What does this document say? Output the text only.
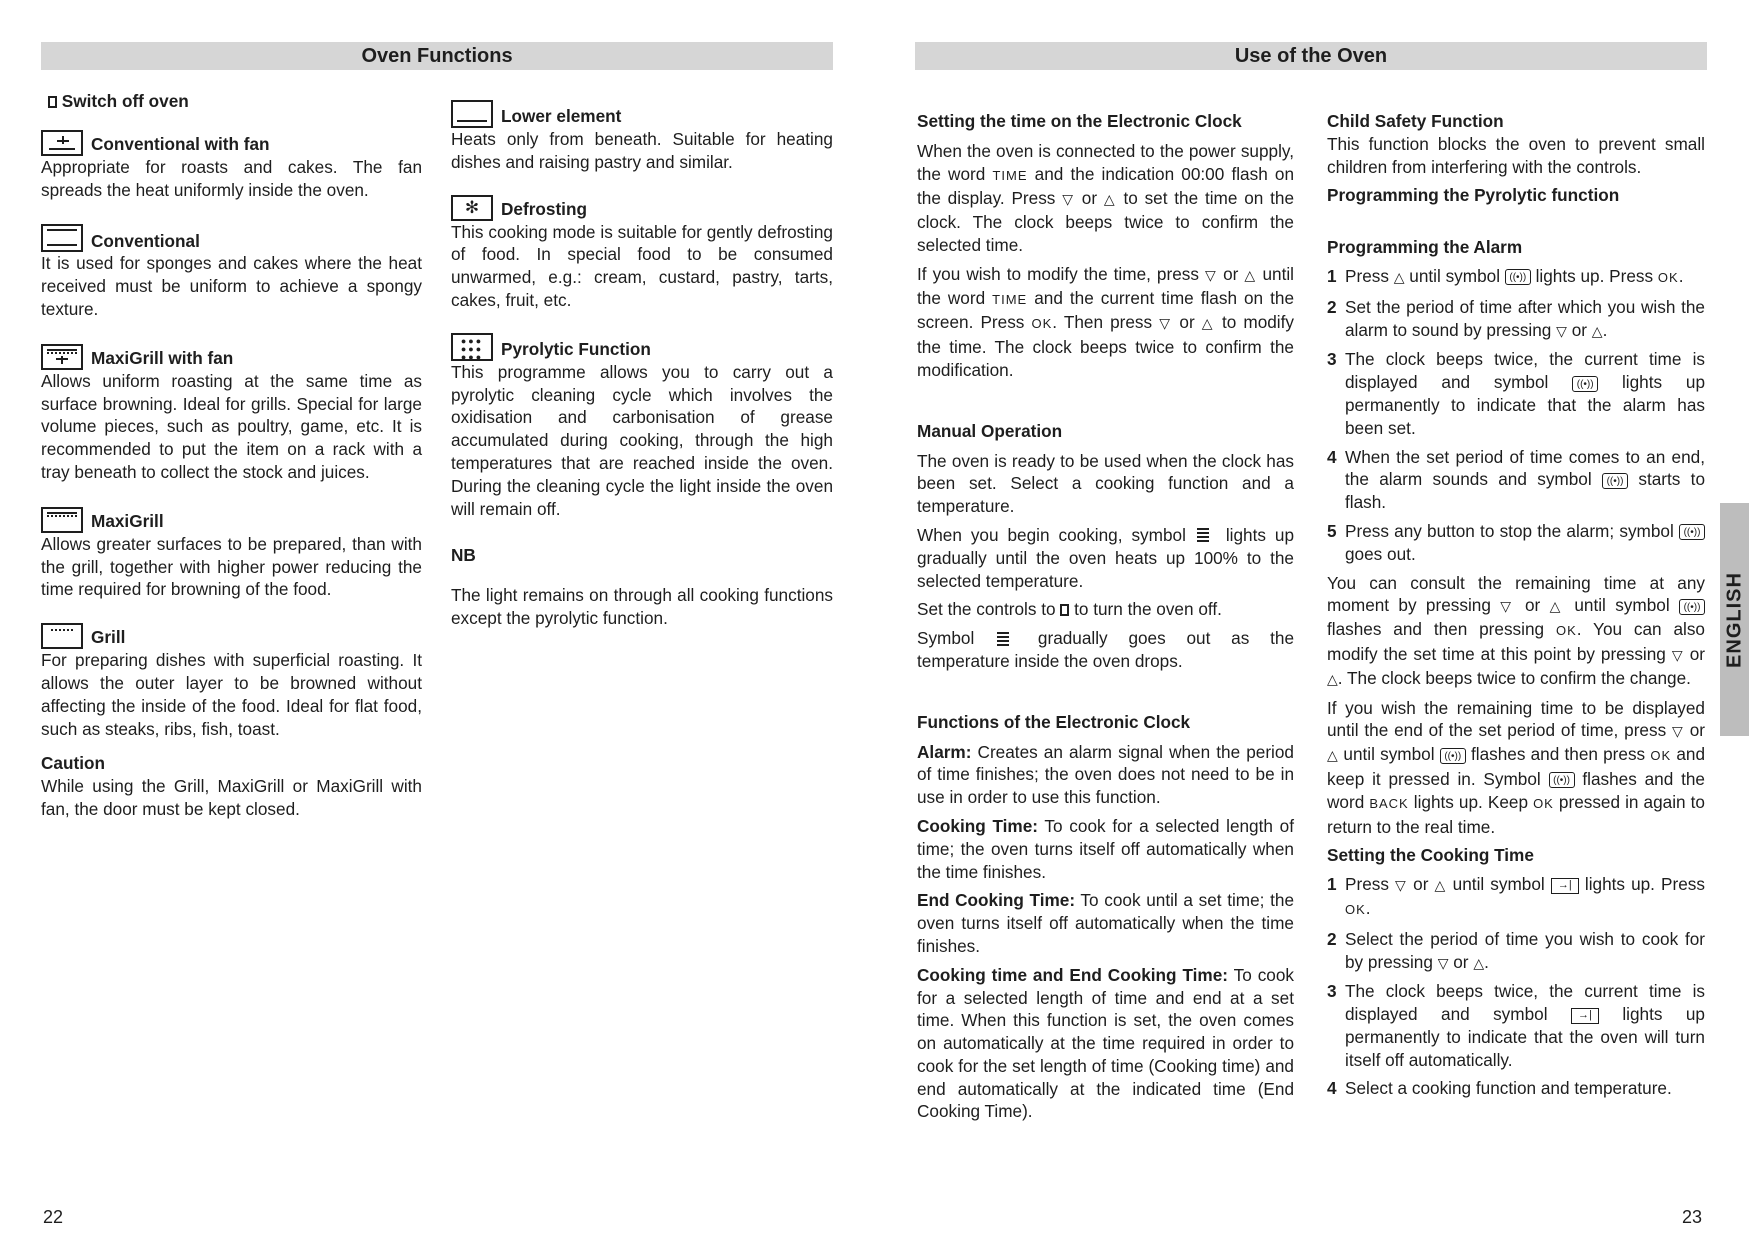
Oven Functions

Switch off oven

Conventional with fan

Appropriate for roasts and cakes. The fan spreads the heat uniformly inside the oven.

Conventional

It is used for sponges and cakes where the heat received must be uniform to achieve a spongy texture.

MaxiGrill with fan

Allows uniform roasting at the same time as surface browning. Ideal for grills. Special for large volume pieces, such as poultry, game, etc. It is recommended to put the item on a rack with a tray beneath to collect the stock and juices.

MaxiGrill

Allows greater surfaces to be prepared, than with the grill, together with higher power reducing the time required for browning of the food.

Grill

For preparing dishes with superficial roasting. It allows the outer layer to be browned without affecting the inside of the food. Ideal for flat food, such as steaks, ribs, fish, toast.

Caution

While using the Grill, MaxiGrill or MaxiGrill with fan, the door must be kept closed.

Lower element

Heats only from beneath. Suitable for heating dishes and raising pastry and similar.

✻	Defrosting

This cooking mode is suitable for gently defrosting of food. In special food to be consumed unwarmed, e.g.: cream, custard, pastry, tarts, cakes, fruit, etc.

●●●
●●●
●●●	Pyrolytic Function

This programme allows you to carry out a pyrolytic cleaning cycle which involves the oxidisation and carbonisation of grease accumulated during cooking, through the high temperatures that are reached inside the oven. During the cleaning cycle the light inside the oven will remain off.

NB

The light remains on through all cooking functions except the pyrolytic function.

22
Use of the Oven

Setting the time on the Electronic Clock

When the oven is connected to the power supply, the word TIME and the indication 00:00 flash on the display. Press ▽ or △ to set the time on the clock. The clock beeps twice to confirm the selected time.

If you wish to modify the time, press ▽ or △ until the word TIME and the current time flash on the screen. Press OK. Then press ▽ or △ to modify the time. The clock beeps twice to confirm the modification.

Manual Operation

The oven is ready to be used when the clock has been set. Select a cooking function and a temperature.

When you begin cooking, symbol lights up gradually until the oven heats up 100% to the selected temperature.

Set the controls to to turn the oven off.

Symbol	gradually goes out as the temperature inside the oven drops.

Functions of the Electronic Clock

Alarm: Creates an alarm signal when the period of time finishes; the oven does not need to be in use in order to use this function.

Cooking Time: To cook for a selected length of time; the oven turns itself off automatically when the time finishes.

End Cooking Time: To cook until a set time; the oven turns itself off automatically when the time finishes.

Cooking time and End Cooking Time: To cook for a selected length of time and end at a set time. When this function is set, the oven comes on automatically at the time required in order to cook for the set length of time (Cooking time) and end automatically at the indicated time (End Cooking Time).

Child Safety Function

This function blocks the oven to prevent small children from interfering with the controls.

Programming the Pyrolytic function

Programming the Alarm

1 Press △ until symbol ((•)) lights up. Press OK.
2 Set the period of time after which you wish the alarm to sound by pressing ▽ or △.
3 The clock beeps twice, the current time is displayed and symbol	((•)) lights up permanently to indicate that the alarm has been set.
4 When the set period of time comes to an end, the alarm sounds and symbol ((•)) starts to flash.
5 Press any button to stop the alarm; symbol ((•)) goes out.

You can consult the remaining time at any moment by pressing ▽ or △ until symbol ((•)) flashes and then pressing OK. You can also modify the set time at this point by pressing ▽ or △. The clock beeps twice to confirm the change.

If you wish the remaining time to be displayed until the end of the set period of time, press ▽ or △ until symbol ((•)) flashes and then press OK and keep it pressed in. Symbol ((•)) flashes and the word BACK lights up. Keep OK pressed in again to return to the real time.

Setting the Cooking Time

1 Press ▽ or △ until symbol →| lights up. Press OK.
2 Select the period of time you wish to cook for by pressing ▽ or △.
3 The clock beeps twice, the current time is displayed and symbol	→| lights up permanently to indicate that the oven will turn itself off automatically.
4 Select a cooking function and temperature.
23
ENGLISH
